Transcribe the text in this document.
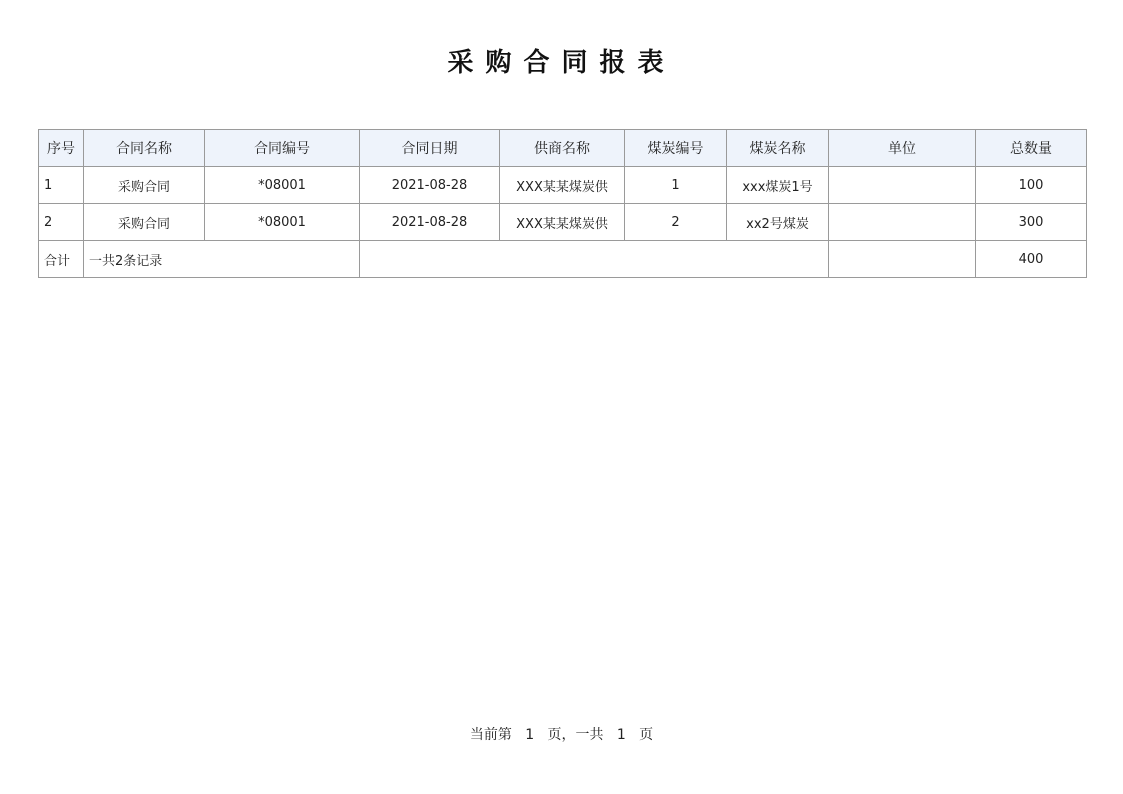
采购合同报表
序号	合同名称	合同编号	合同日期	供商名称	煤炭编号	煤炭名称	单位	总数量
1	采购合同	*08001	2021-08-28	XXX某某煤炭供	1	xxx煤炭1号		100
2	采购合同	*08001	2021-08-28	XXX某某煤炭供	2	xx2号煤炭		300
合计	一共2条记录							400
当前第 1 页，一共 1 页
